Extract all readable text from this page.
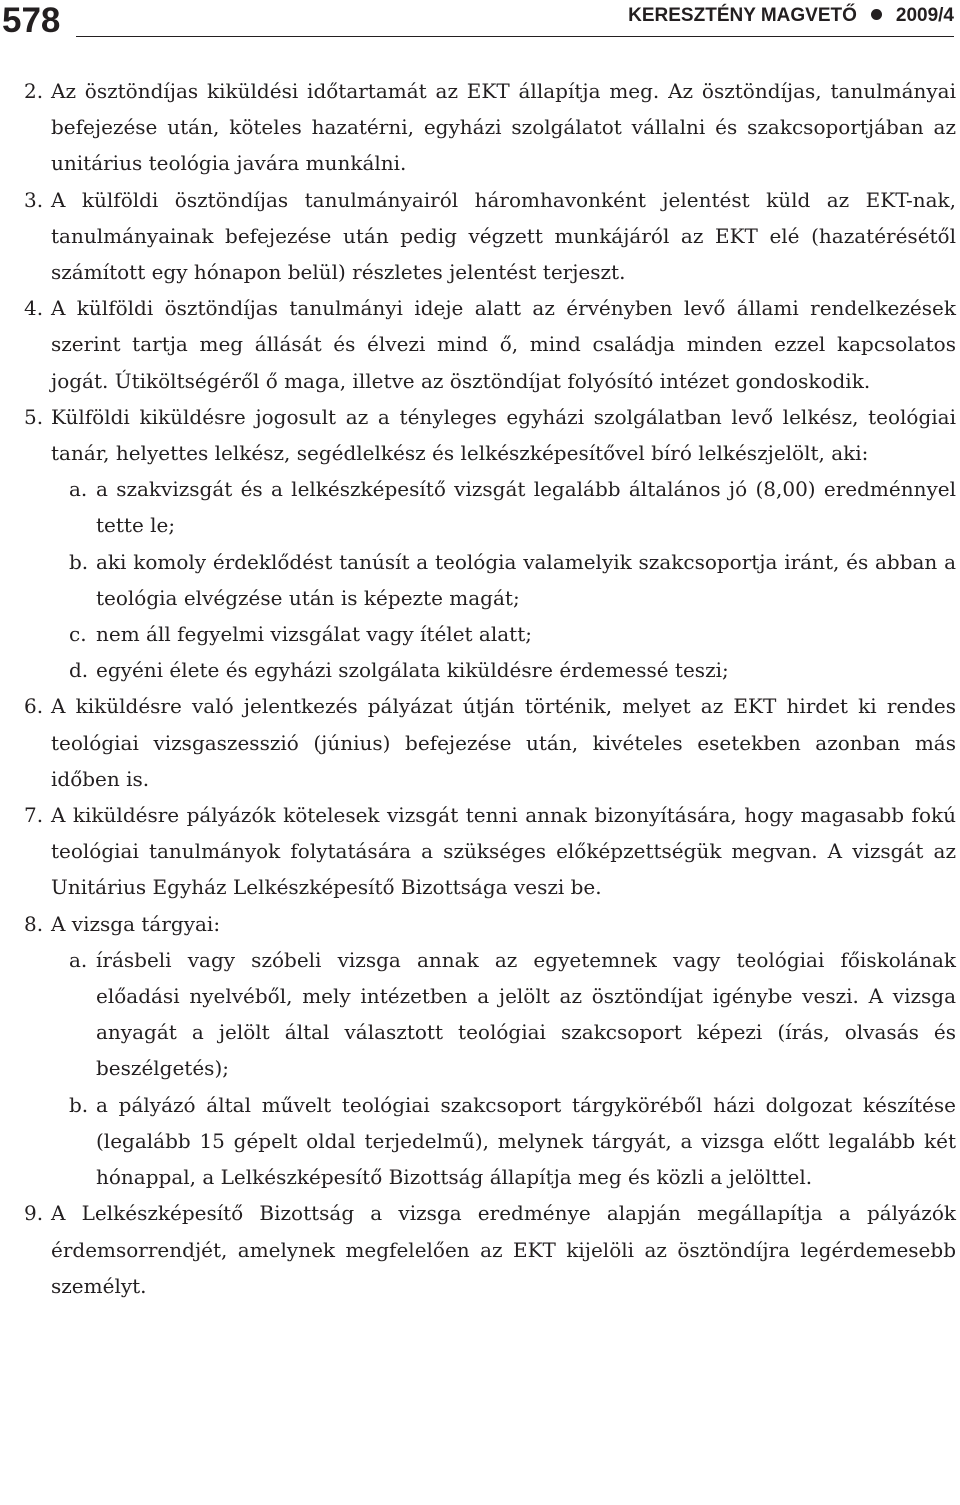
578	KERESZTÉNY MAGVETŐ 2009/4
2. Az ösztöndíjas kiküldési időtartamát az EKT állapítja meg. Az ösztöndíjas, tanulmányai befejezése után, köteles hazatérni, egyházi szolgálatot vállalni és szakcsoportjában az unitárius teológia javára munkálni.
3. A külföldi ösztöndíjas tanulmányairól háromhavonként jelentést küld az EKT-nak, tanulmányainak befejezése után pedig végzett munkájáról az EKT elé (hazatérésétől számított egy hónapon belül) részletes jelentést terjeszt.
4. A külföldi ösztöndíjas tanulmányi ideje alatt az érvényben levő állami rendelkezések szerint tartja meg állását és élvezi mind ő, mind családja minden ezzel kapcsolatos jogát. Útiköltségéről ő maga, illetve az ösztöndíjat folyósító intézet gondoskodik.
5. Külföldi kiküldésre jogosult az a tényleges egyházi szolgálatban levő lelkész, teológiai tanár, helyettes lelkész, segédlelkész és lelkészképesítővel bíró lelkészjelölt, aki:
a. a szakvizsgát és a lelkészképesítő vizsgát legalább általános jó (8,00) eredménnyel tette le;
b. aki komoly érdeklődést tanúsít a teológia valamelyik szakcsoportja iránt, és abban a teológia elvégzése után is képezte magát;
c. nem áll fegyelmi vizsgálat vagy ítélet alatt;
d. egyéni élete és egyházi szolgálata kiküldésre érdemessé teszi;
6. A kiküldésre való jelentkezés pályázat útján történik, melyet az EKT hirdet ki rendes teológiai vizsgaszesszió (június) befejezése után, kivételes esetekben azonban más időben is.
7. A kiküldésre pályázók kötelesek vizsgát tenni annak bizonyítására, hogy magasabb fokú teológiai tanulmányok folytatására a szükséges előképzettségük megvan. A vizsgát az Unitárius Egyház Lelkészképesítő Bizottsága veszi be.
8. A vizsga tárgyai:
a. írásbeli vagy szóbeli vizsga annak az egyetemnek vagy teológiai főiskolának előadási nyelvéből, mely intézetben a jelölt az ösztöndíjat igénybe veszi. A vizsga anyagát a jelölt által választott teológiai szakcsoport képezi (írás, olvasás és beszélgetés);
b. a pályázó által művelt teológiai szakcsoport tárgyköréből házi dolgozat készítése (legalább 15 gépelt oldal terjedelmű), melynek tárgyát, a vizsga előtt legalább két hónappal, a Lelkészképesítő Bizottság állapítja meg és közli a jelölttel.
9. A Lelkészképesítő Bizottság a vizsga eredménye alapján megállapítja a pályázók érdemsorrendjét, amelynek megfelelően az EKT kijelöli az ösztöndíjra legérdemesebb személyt.
